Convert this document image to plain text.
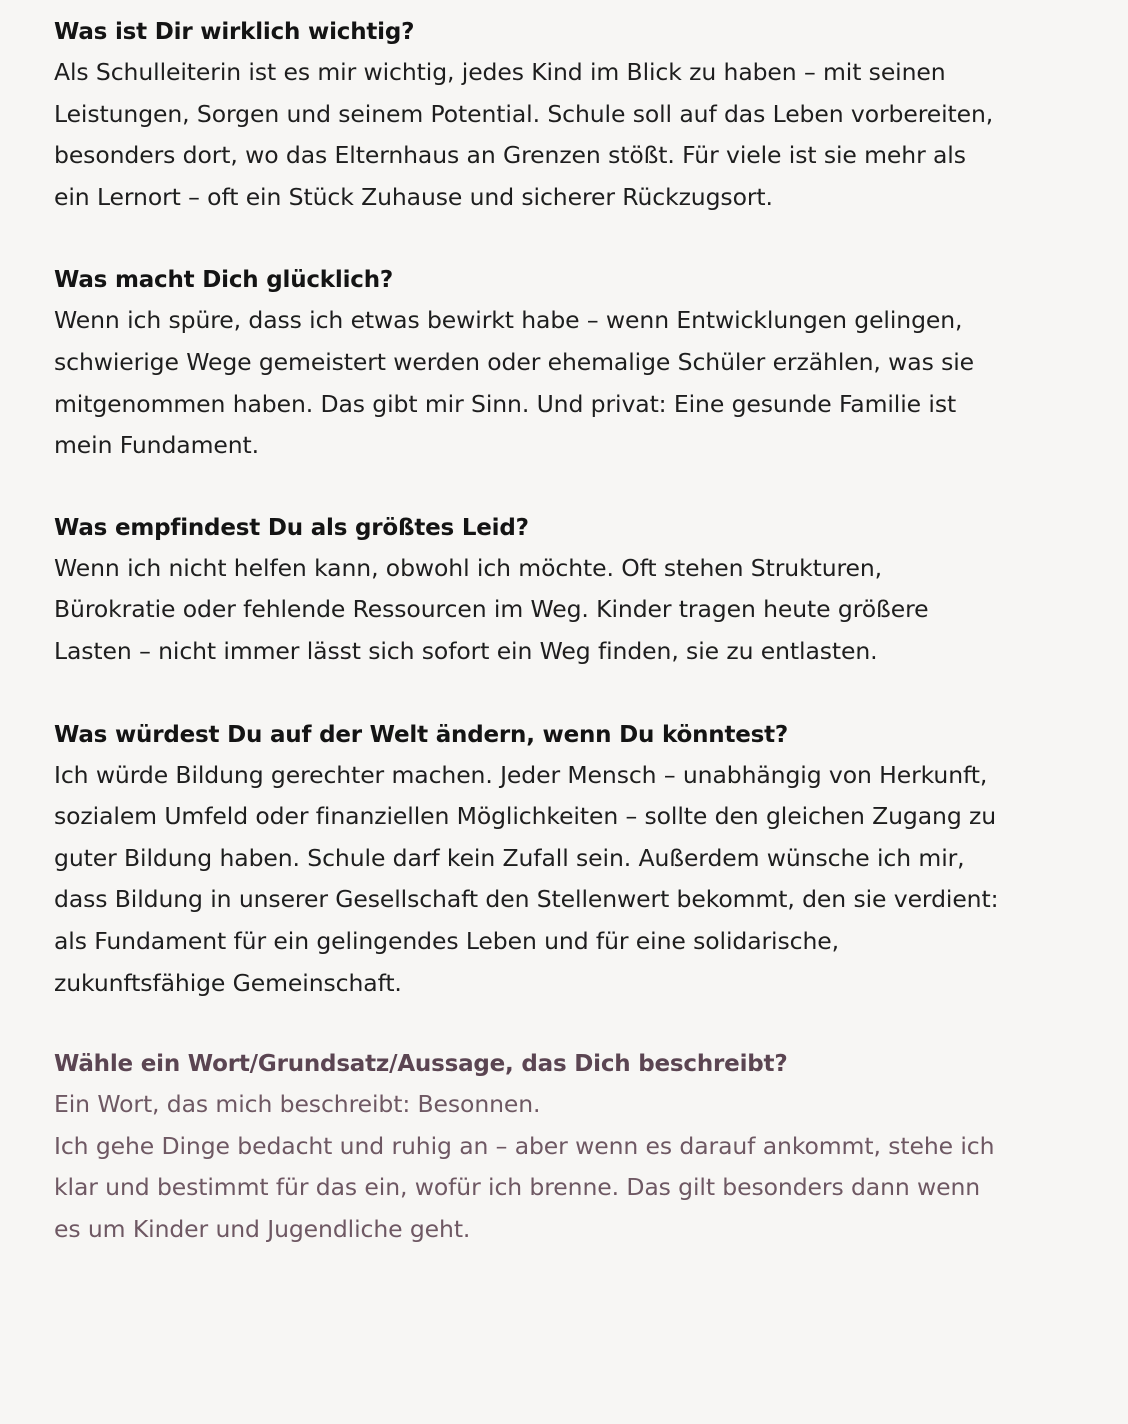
Was ist Dir wirklich wichtig?

Als Schulleiterin ist es mir wichtig, jedes Kind im Blick zu haben – mit seinen Leistungen, Sorgen und seinem Potential. Schule soll auf das Leben vorbereiten, besonders dort, wo das Elternhaus an Grenzen stößt. Für viele ist sie mehr als ein Lernort – oft ein Stück Zuhause und sicherer Rückzugsort.

Was macht Dich glücklich?

Wenn ich spüre, dass ich etwas bewirkt habe – wenn Entwicklungen gelingen, schwierige Wege gemeistert werden oder ehemalige Schüler erzählen, was sie mitgenommen haben. Das gibt mir Sinn. Und privat: Eine gesunde Familie ist mein Fundament.

Was empfindest Du als größtes Leid?

Wenn ich nicht helfen kann, obwohl ich möchte. Oft stehen Strukturen, Bürokratie oder fehlende Ressourcen im Weg. Kinder tragen heute größere Lasten – nicht immer lässt sich sofort ein Weg finden, sie zu entlasten.

Was würdest Du auf der Welt ändern, wenn Du könntest?

Ich würde Bildung gerechter machen. Jeder Mensch – unabhängig von Herkunft, sozialem Umfeld oder finanziellen Möglichkeiten – sollte den gleichen Zugang zu guter Bildung haben. Schule darf kein Zufall sein. Außerdem wünsche ich mir, dass Bildung in unserer Gesellschaft den Stellenwert bekommt, den sie verdient: als Fundament für ein gelingendes Leben und für eine solidarische, zukunftsfähige Gemeinschaft.

Wähle ein Wort/Grundsatz/Aussage, das Dich beschreibt?

Ein Wort, das mich beschreibt: Besonnen.

Ich gehe Dinge bedacht und ruhig an – aber wenn es darauf ankommt, stehe ich klar und bestimmt für das ein, wofür ich brenne. Das gilt besonders dann wenn es um Kinder und Jugendliche geht.
